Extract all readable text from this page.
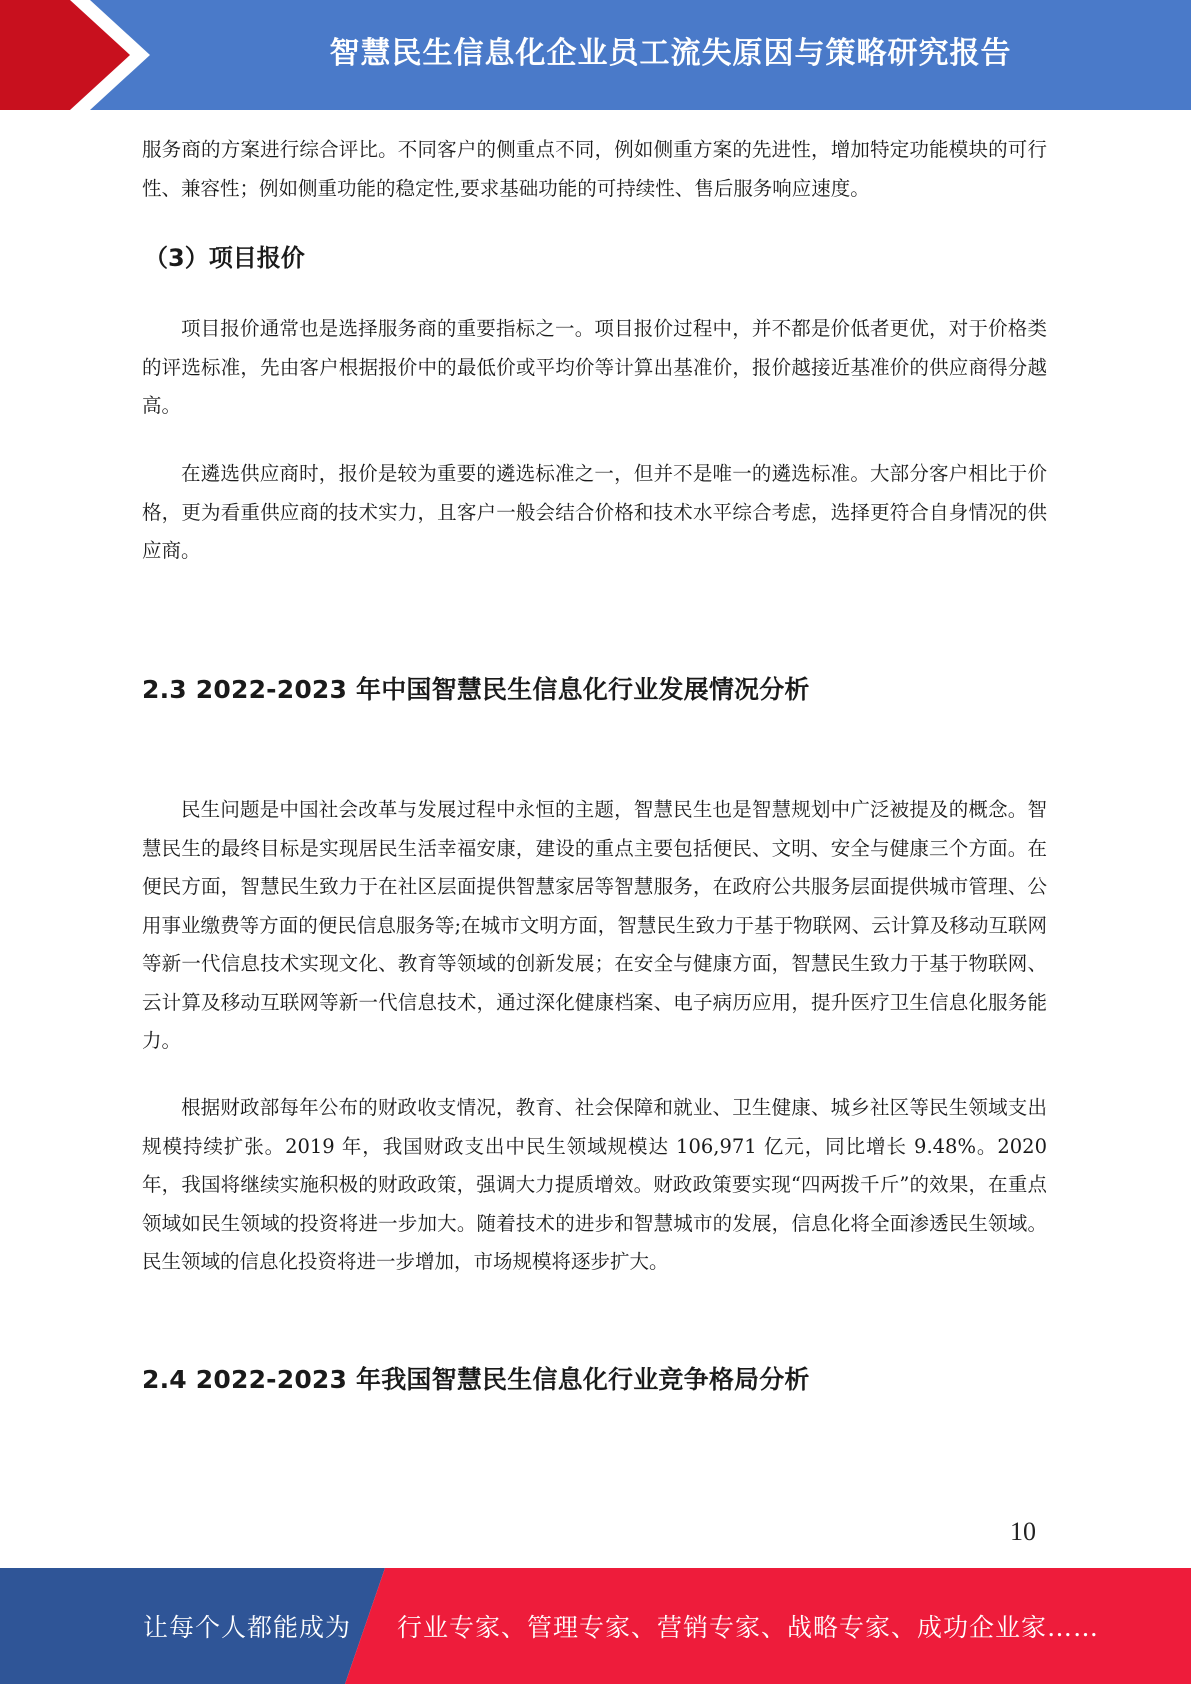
智慧民生信息化企业员工流失原因与策略研究报告

服务商的方案进行综合评比。不同客户的侧重点不同，例如侧重方案的先进性，增加特定功能模块的可行性、兼容性；例如侧重功能的稳定性,要求基础功能的可持续性、售后服务响应速度。

（3）项目报价

项目报价通常也是选择服务商的重要指标之一。项目报价过程中，并不都是价低者更优，对于价格类的评选标准，先由客户根据报价中的最低价或平均价等计算出基准价，报价越接近基准价的供应商得分越高。

在遴选供应商时，报价是较为重要的遴选标准之一，但并不是唯一的遴选标准。大部分客户相比于价格，更为看重供应商的技术实力，且客户一般会结合价格和技术水平综合考虑，选择更符合自身情况的供应商。

2.3 2022-2023 年中国智慧民生信息化行业发展情况分析

民生问题是中国社会改革与发展过程中永恒的主题，智慧民生也是智慧规划中广泛被提及的概念。智慧民生的最终目标是实现居民生活幸福安康，建设的重点主要包括便民、文明、安全与健康三个方面。在便民方面，智慧民生致力于在社区层面提供智慧家居等智慧服务，在政府公共服务层面提供城市管理、公用事业缴费等方面的便民信息服务等;在城市文明方面，智慧民生致力于基于物联网、云计算及移动互联网等新一代信息技术实现文化、教育等领域的创新发展；在安全与健康方面，智慧民生致力于基于物联网、云计算及移动互联网等新一代信息技术，通过深化健康档案、电子病历应用，提升医疗卫生信息化服务能力。

根据财政部每年公布的财政收支情况，教育、社会保障和就业、卫生健康、城乡社区等民生领域支出规模持续扩张。2019 年，我国财政支出中民生领域规模达 106,971 亿元，同比增长 9.48%。2020 年，我国将继续实施积极的财政政策，强调大力提质增效。财政政策要实现“四两拨千斤”的效果，在重点领域如民生领域的投资将进一步加大。随着技术的进步和智慧城市的发展，信息化将全面渗透民生领域。民生领域的信息化投资将进一步增加，市场规模将逐步扩大。

2.4 2022-2023 年我国智慧民生信息化行业竞争格局分析
10
让每个人都能成为 行业专家、管理专家、营销专家、战略专家、成功企业家……
